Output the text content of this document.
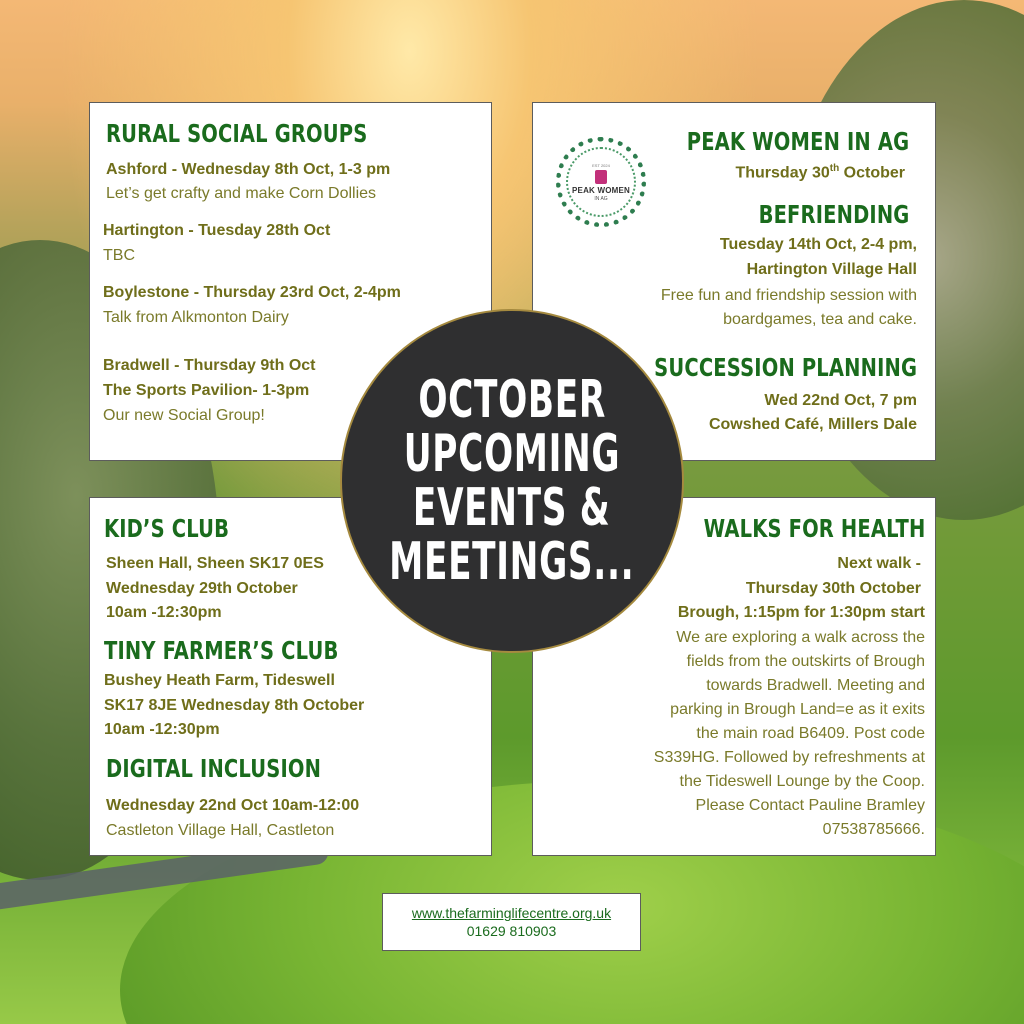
RURAL SOCIAL GROUPS
Ashford - Wednesday 8th Oct, 1-3 pm
Let’s get crafty and make Corn Dollies
Hartington - Tuesday 28th Oct
TBC
Boylestone - Thursday 23rd Oct, 2-4pm
Talk from Alkmonton Dairy
Bradwell - Thursday 9th Oct
The Sports Pavilion- 1-3pm
Our new Social Group!
EST 2024
PEAK WOMEN
IN AG
PEAK WOMEN IN AG
Thursday 30th October
BEFRIENDING
Tuesday 14th Oct, 2-4 pm,
Hartington Village Hall
Free fun and friendship session with
boardgames, tea and cake.
SUCCESSION PLANNING
Wed 22nd Oct, 7 pm
Cowshed Café, Millers Dale
KID’S CLUB
Sheen Hall, Sheen SK17 0ES
Wednesday 29th October
10am -12:30pm
TINY FARMER’S CLUB
Bushey Heath Farm, Tideswell
SK17 8JE Wednesday 8th October
10am -12:30pm
DIGITAL INCLUSION
Wednesday 22nd Oct 10am-12:00
Castleton Village Hall, Castleton
WALKS FOR HEALTH
Next walk -
Thursday 30th October
Brough, 1:15pm for 1:30pm start
We are exploring a walk across the
fields from the outskirts of Brough
towards Bradwell. Meeting and
parking in Brough Land=e as it exits
the main road B6409. Post code
S339HG. Followed by refreshments at
the Tideswell Lounge by the Coop.
Please Contact Pauline Bramley
07538785666.
OCTOBER
UPCOMING
EVENTS &
MEETINGS...
www.thefarminglifecentre.org.uk
01629 810903
